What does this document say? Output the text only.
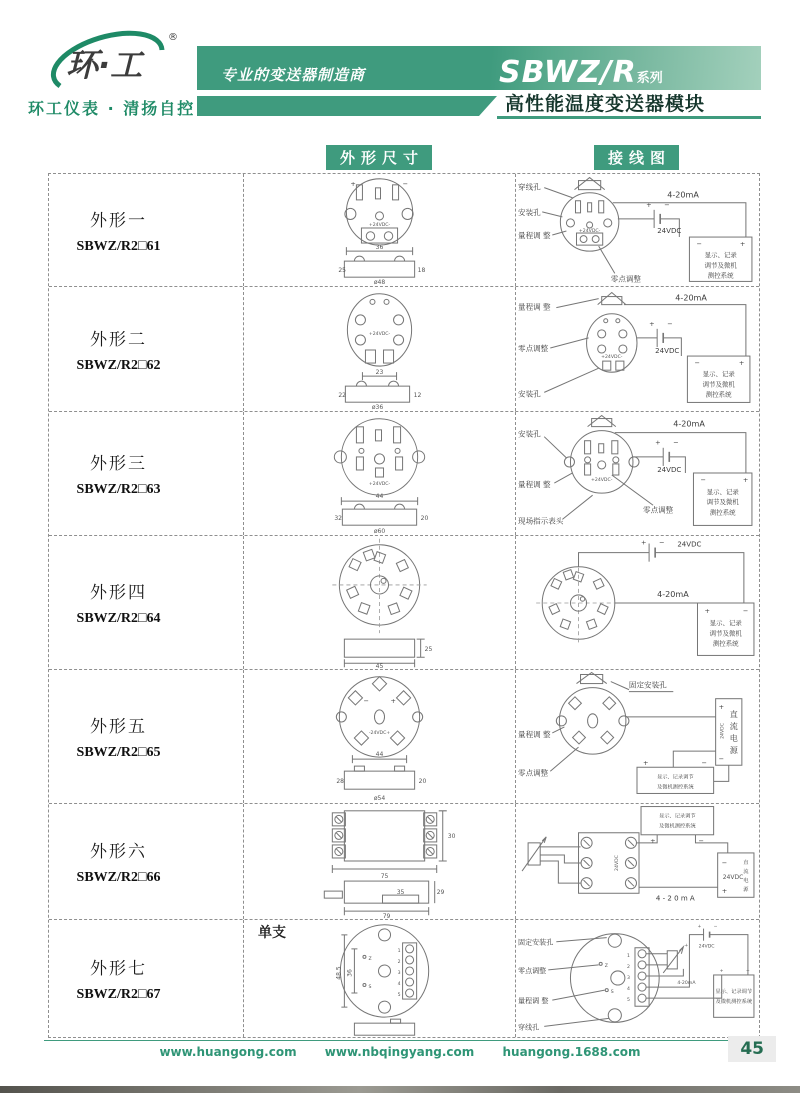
环·工
®
环工仪表 · 清扬自控
专业的变送器制造商	SBWZ/R系列
高性能温度变送器模块
外形尺寸	接线图
外形一
SBWZ/R2□61
+	−
+24VDC-
36
25	18
ø48
穿线孔
安装孔
量程调 整
零点调整
4-20mA
+ −
24VDC
+24VDC-
−	+
显示、记录
调节及微机
测控系统
外形二
SBWZ/R2□62
+24VDC-
23
22	12
ø36
量程调 整
零点调整
安装孔
4-20mA
+ −
24VDC
+24VDC-
−	+
显示、记录
调节及微机
测控系统
外形三
SBWZ/R2□63	+24VDC-
44
32	20
ø60
安装孔
量程调 整
现场指示表头
零点调整
4-20mA
+ −
24VDC
+24VDC-	−	+
显示、记录
调节及微机
测控系统
外形四
SBWZ/R2□64
45
25
24VDC
+ −
4-20mA
+	−
显示、记录
调节及微机
测控系统
外形五
SBWZ/R2□65
−	+
-24VDC+
44
28	20
ø54
固定安装孔
量程调 整
零点调整
+
−
24VDC
直
流
电
源
+	−
显示、记录调节
及微机测控系统
外形六
SBWZ/R2□66	75
30
35
79
29
显示、记录调节
及微机测控系统
+	−
24VDC
4 - 2 0 m A
−
+
24VDC
直
流
电
源
外形七
SBWZ/R2□67
单支
1
2
3
4
5
Z
S
48.5 36
固定安装孔
零点调整
量程调 整
穿线孔
1
2
3
4
5
Z
S
+
+	−
24VDC
4-20mA
+	−
显示、记录调节
及微机测控系统
www.huangong.com www.nbqingyang.com huangong.1688.com	45
